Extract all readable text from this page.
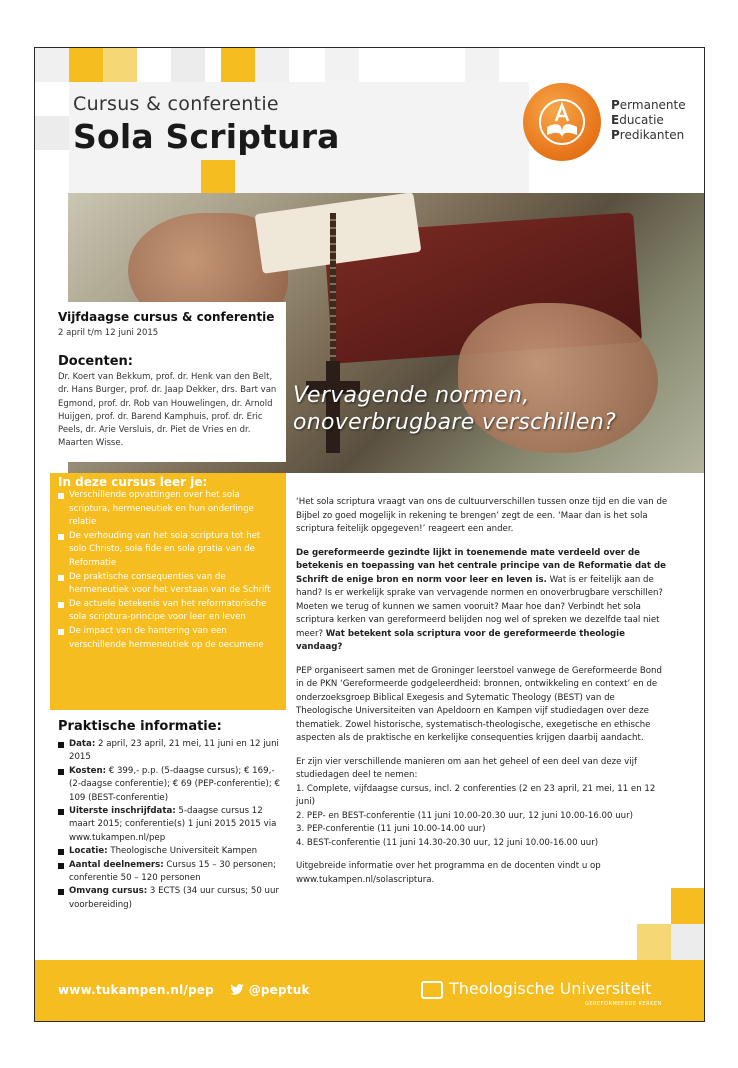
Cursus & conferentie
Sola Scriptura
Permanente
Educatie
Predikanten
Vervagende normen,
onoverbrugbare verschillen?
Vijfdaagse cursus & conferentie
2 april t/m 12 juni 2015
Docenten:
Dr. Koert van Bekkum, prof. dr. Henk van den Belt, dr. Hans Burger, prof. dr. Jaap Dekker, drs. Bart van Egmond, prof. dr. Rob van Houwelingen, dr. Arnold Huijgen, prof. dr. Barend Kamphuis, prof. dr. Eric Peels, dr. Arie Versluis, dr. Piet de Vries en dr. Maarten Wisse.
In deze cursus leer je:
Verschillende opvattingen over het sola scriptura, hermeneutiek en hun onderlinge relatie
De verhouding van het sola scriptura tot het solo Christo, sola fide en sola gratia van de Reformatie
De praktische consequenties van de hermeneutiek voor het verstaan van de Schrift
De actuele betekenis van het reformatorische sola scriptura-principe voor leer en leven
De impact van de hantering van een verschillende hermeneutiek op de oecumene
Praktische informatie:
Data: 2 april, 23 april, 21 mei, 11 juni en 12 juni 2015
Kosten: € 399,- p.p. (5-daagse cursus); € 169,- (2-daagse conferentie); € 69 (PEP-conferentie); € 109 (BEST-conferentie)
Uiterste inschrijfdata: 5-daagse cursus 12 maart 2015; conferentie(s) 1 juni 2015 2015 via www.tukampen.nl/pep
Locatie: Theologische Universiteit Kampen
Aantal deelnemers: Cursus 15 – 30 personen; conferentie 50 – 120 personen
Omvang cursus: 3 ECTS (34 uur cursus; 50 uur voorbereiding)

‘Het sola scriptura vraagt van ons de cultuurverschillen tussen onze tijd en die van de Bijbel zo goed mogelijk in rekening te brengen’ zegt de een. ‘Maar dan is het sola scriptura feitelijk opgegeven!’ reageert een ander.

De gereformeerde gezindte lijkt in toenemende mate verdeeld over de betekenis en toepassing van het centrale principe van de Reformatie dat de Schrift de enige bron en norm voor leer en leven is. Wat is er feitelijk aan de hand? Is er werkelijk sprake van vervagende normen en onoverbrugbare verschillen? Moeten we terug of kunnen we samen vooruit? Maar hoe dan? Verbindt het sola scriptura kerken van gereformeerd belijden nog wel of spreken we dezelfde taal niet meer? Wat betekent sola scriptura voor de gereformeerde theologie vandaag?

PEP organiseert samen met de Groninger leerstoel vanwege de Gereformeerde Bond in de PKN ‘Gereformeerde godgeleerdheid: bronnen, ontwikkeling en context’ en de onderzoeksgroep Biblical Exegesis and Sytematic Theology (BEST) van de Theologische Universiteiten van Apeldoorn en Kampen vijf studiedagen over deze thematiek. Zowel historische, systematisch-theologische, exegetische en ethische aspecten als de praktische en kerkelijke consequenties krijgen daarbij aandacht.

Er zijn vier verschillende manieren om aan het geheel of een deel van deze vijf studiedagen deel te nemen:

1. Complete, vijfdaagse cursus, incl. 2 conferenties (2 en 23 april, 21 mei, 11 en 12 juni)
2. PEP- en BEST-conferentie (11 juni 10.00-20.30 uur, 12 juni 10.00-16.00 uur)
3. PEP-conferentie (11 juni 10.00-14.00 uur)
4. BEST-conferentie (11 juni 14.30-20.30 uur, 12 juni 10.00-16.00 uur)

Uitgebreide informatie over het programma en de docenten vindt u op www.tukampen.nl/solascriptura.

www.tukampen.nl/pep	@peptuk	Theologische Universiteit
GEREFORMEERDE KERKEN
